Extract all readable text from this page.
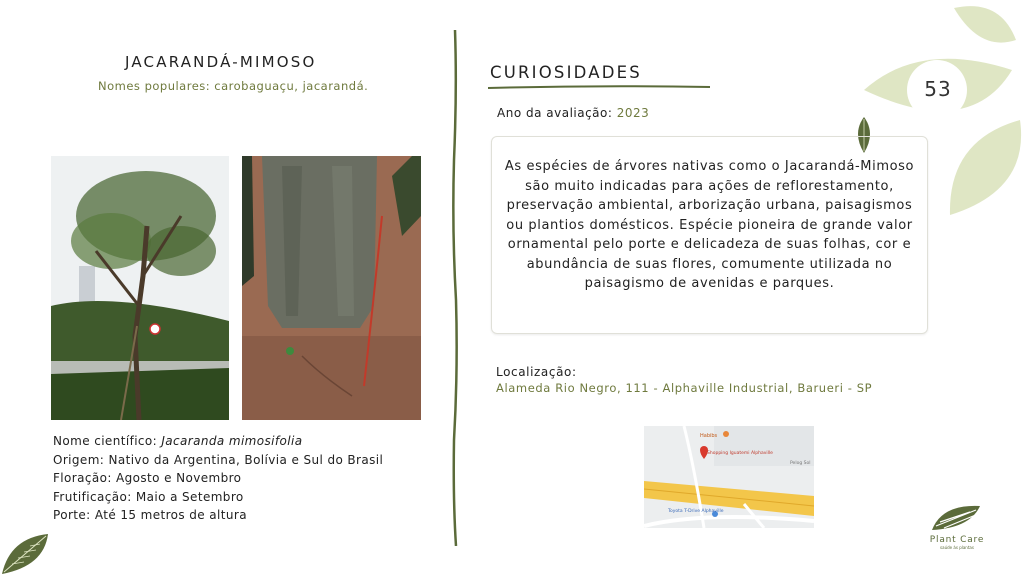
JACARANDÁ-MIMOSO
Nomes populares: carobaguaçu, jacarandá.

Nome científico: Jacaranda mimosifolia

Origem: Nativo da Argentina, Bolívia e Sul do Brasil

Floração: Agosto e Novembro

Frutificação: Maio a Setembro

Porte: Até 15 metros de altura

CURIOSIDADES
Ano da avaliação: 2023

As espécies de árvores nativas como o Jacarandá-Mimoso são muito indicadas para ações de reflorestamento, preservação ambiental, arborização urbana, paisagismos ou plantios domésticos. Espécie pioneira de grande valor ornamental pelo porte e delicadeza de suas folhas, cor e abundância de suas flores, comumente utilizada no paisagismo de avenidas e parques.

Localização:
Alameda Rio Negro, 111 - Alphaville Industrial, Barueri - SP
Habibs
Shopping Iguatemi Alphaville
Pelog Sol
Toyota T-Drive Alphaville
53
Plant Care
saúde às plantas
